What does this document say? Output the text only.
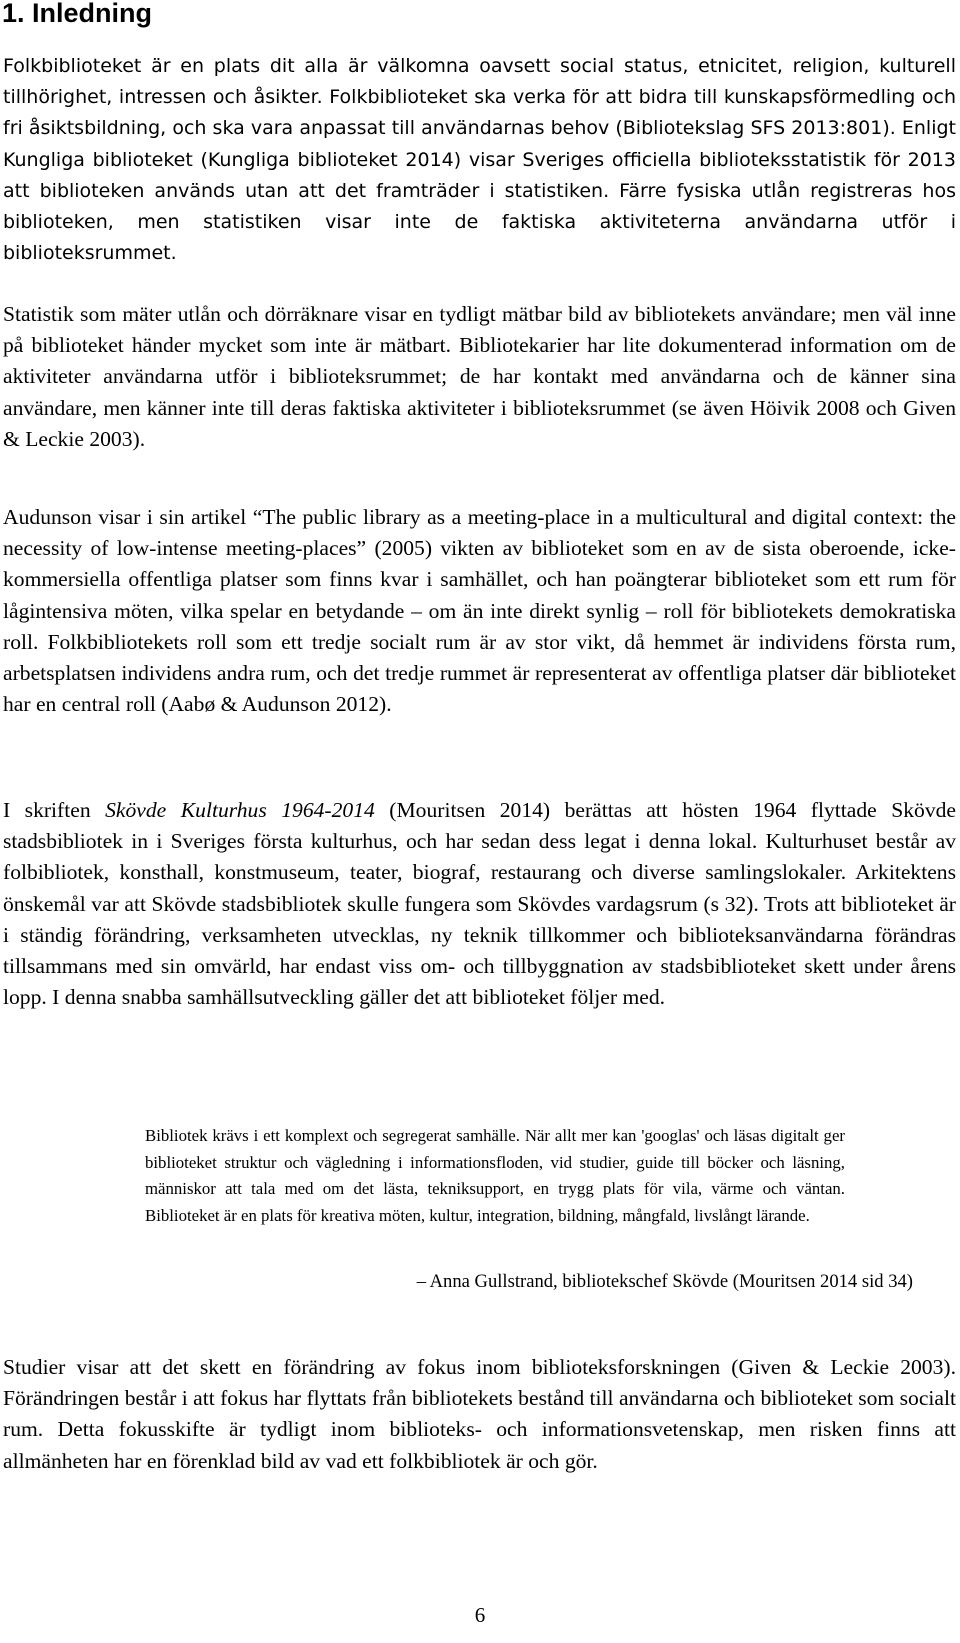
1. Inledning

Folkbiblioteket är en plats dit alla är välkomna oavsett social status, etnicitet, religion, kulturell tillhörighet, intressen och åsikter. Folkbiblioteket ska verka för att bidra till kunskapsförmedling och fri åsiktsbildning, och ska vara anpassat till användarnas behov (Bibliotekslag SFS 2013:801). Enligt Kungliga biblioteket (Kungliga biblioteket 2014) visar Sveriges officiella biblioteksstatistik för 2013 att biblioteken används utan att det framträder i statistiken. Färre fysiska utlån registreras hos biblioteken, men statistiken visar inte de faktiska aktiviteterna användarna utför i biblioteksrummet.

Statistik som mäter utlån och dörräknare visar en tydligt mätbar bild av bibliotekets användare; men väl inne på biblioteket händer mycket som inte är mätbart. Bibliotekarier har lite dokumenterad information om de aktiviteter användarna utför i biblioteksrummet; de har kontakt med användarna och de känner sina användare, men känner inte till deras faktiska aktiviteter i biblioteksrummet (se även Höivik 2008 och Given & Leckie 2003).

Audunson visar i sin artikel “The public library as a meeting-place in a multicultural and digital context: the necessity of low-intense meeting-places” (2005) vikten av biblioteket som en av de sista oberoende, icke-kommersiella offentliga platser som finns kvar i samhället, och han poängterar biblioteket som ett rum för lågintensiva möten, vilka spelar en betydande – om än inte direkt synlig – roll för bibliotekets demokratiska roll. Folkbibliotekets roll som ett tredje socialt rum är av stor vikt, då hemmet är individens första rum, arbetsplatsen individens andra rum, och det tredje rummet är representerat av offentliga platser där biblioteket har en central roll (Aabø & Audunson 2012).

I skriften Skövde Kulturhus 1964-2014 (Mouritsen 2014) berättas att hösten 1964 flyttade Skövde stadsbibliotek in i Sveriges första kulturhus, och har sedan dess legat i denna lokal. Kulturhuset består av folbibliotek, konsthall, konstmuseum, teater, biograf, restaurang och diverse samlingslokaler. Arkitektens önskemål var att Skövde stadsbibliotek skulle fungera som Skövdes vardagsrum (s 32). Trots att biblioteket är i ständig förändring, verksamheten utvecklas, ny teknik tillkommer och biblioteksanvändarna förändras tillsammans med sin omvärld, har endast viss om- och tillbyggnation av stadsbiblioteket skett under årens lopp. I denna snabba samhällsutveckling gäller det att biblioteket följer med.

Bibliotek krävs i ett komplext och segregerat samhälle. När allt mer kan 'googlas' och läsas digitalt ger biblioteket struktur och vägledning i informationsfloden, vid studier, guide till böcker och läsning, människor att tala med om det lästa, tekniksupport, en trygg plats för vila, värme och väntan. Biblioteket är en plats för kreativa möten, kultur, integration, bildning, mångfald, livslångt lärande.

– Anna Gullstrand, bibliotekschef Skövde (Mouritsen 2014 sid 34)

Studier visar att det skett en förändring av fokus inom biblioteksforskningen (Given & Leckie 2003). Förändringen består i att fokus har flyttats från bibliotekets bestånd till användarna och biblioteket som socialt rum. Detta fokusskifte är tydligt inom biblioteks- och informationsvetenskap, men risken finns att allmänheten har en förenklad bild av vad ett folkbibliotek är och gör.

6
